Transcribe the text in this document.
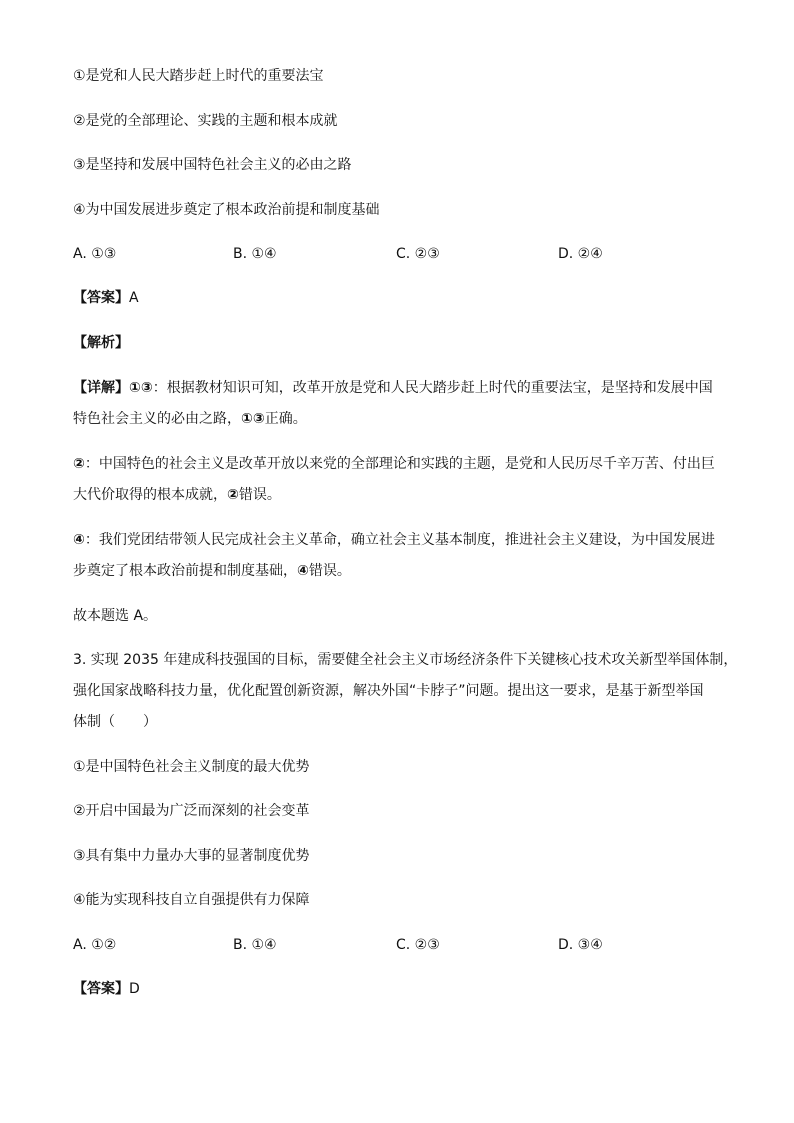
①是党和人民大踏步赶上时代的重要法宝
②是党的全部理论、实践的主题和根本成就
③是坚持和发展中国特色社会主义的必由之路
④为中国发展进步奠定了根本政治前提和制度基础
A. ①③	B. ①④	C. ②③	D. ②④
【答案】A
【解析】
【详解】①③：根据教材知识可知，改革开放是党和人民大踏步赶上时代的重要法宝，是坚持和发展中国
特色社会主义的必由之路，①③正确。
②：中国特色的社会主义是改革开放以来党的全部理论和实践的主题，是党和人民历尽千辛万苦、付出巨
大代价取得的根本成就，②错误。
④：我们党团结带领人民完成社会主义革命，确立社会主义基本制度，推进社会主义建设，为中国发展进
步奠定了根本政治前提和制度基础，④错误。
故本题选 A。
3. 实现 2035 年建成科技强国的目标，需要健全社会主义市场经济条件下关键核心技术攻关新型举国体制，
强化国家战略科技力量，优化配置创新资源，解决外国“卡脖子”问题。提出这一要求，是基于新型举国
体制（　　）
①是中国特色社会主义制度的最大优势
②开启中国最为广泛而深刻的社会变革
③具有集中力量办大事的显著制度优势
④能为实现科技自立自强提供有力保障
A. ①②	B. ①④	C. ②③	D. ③④
【答案】D
